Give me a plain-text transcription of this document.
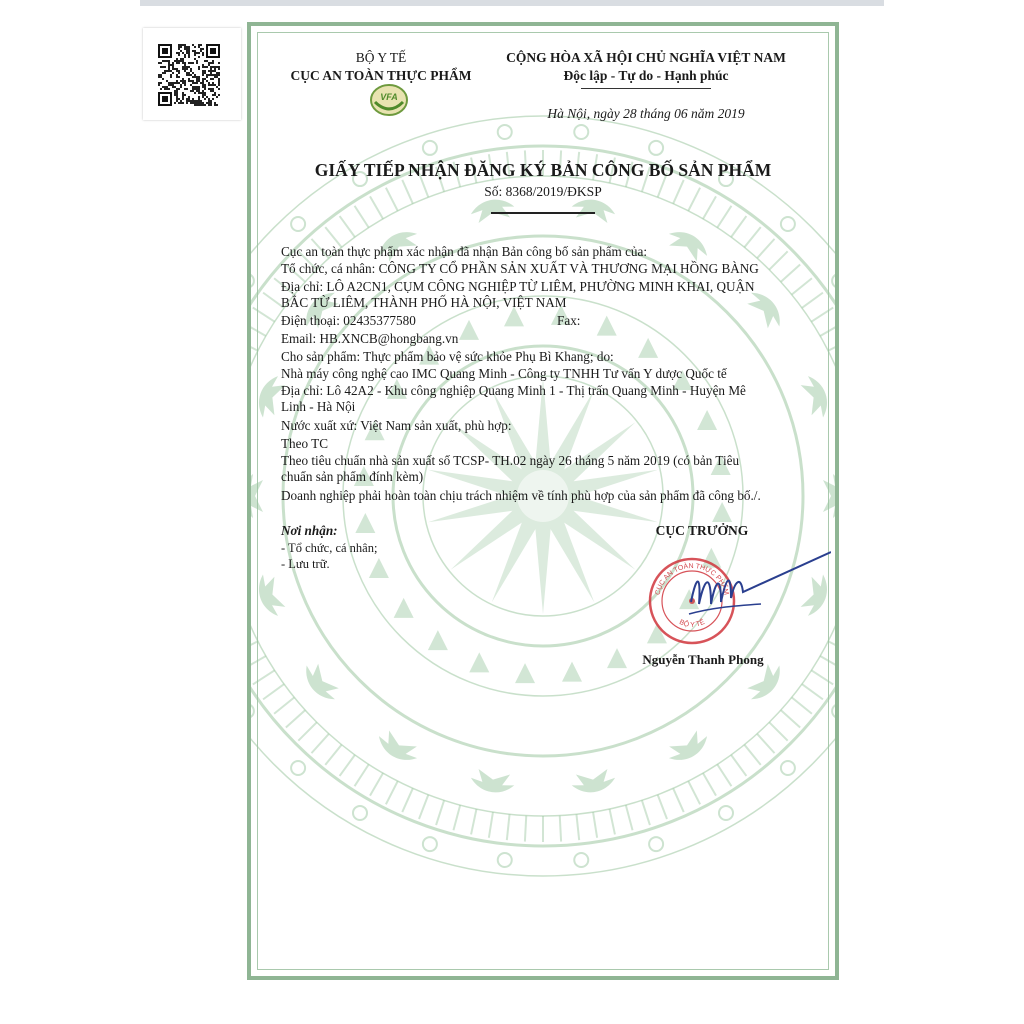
BỘ Y TẾ
CỤC AN TOÀN THỰC PHẨM
VFA
CỘNG HÒA XÃ HỘI CHỦ NGHĨA VIỆT NAM
Độc lập - Tự do - Hạnh phúc
Hà Nội, ngày 28 tháng 06 năm 2019
GIẤY TIẾP NHẬN ĐĂNG KÝ BẢN CÔNG BỐ SẢN PHẨM
Số: 8368/2019/ĐKSP
Cục an toàn thực phẩm xác nhận đã nhận Bản công bố sản phẩm của:
Tổ chức, cá nhân: CÔNG TY CỔ PHẦN SẢN XUẤT VÀ THƯƠNG MẠI HỒNG BÀNG
Địa chỉ: LÔ A2CN1, CỤM CÔNG NGHIỆP TỪ LIÊM, PHƯỜNG MINH KHAI, QUẬN
BẮC TỪ LIÊM, THÀNH PHỐ HÀ NỘI, VIỆT NAM
Điện thoại: 02435377580	Fax:
Email: HB.XNCB@hongbang.vn
Cho sản phẩm: Thực phẩm bảo vệ sức khỏe Phụ Bì Khang; do:
Nhà máy công nghệ cao IMC Quang Minh - Công ty TNHH Tư vấn Y dược Quốc tế
Địa chỉ: Lô 42A2 - Khu công nghiệp Quang Minh 1 - Thị trấn Quang Minh - Huyện Mê
Linh - Hà Nội
Nước xuất xứ: Việt Nam sản xuất, phù hợp:
Theo TC
Theo tiêu chuẩn nhà sản xuất số TCSP- TH.02 ngày 26 tháng 5 năm 2019 (có bản Tiêu
chuẩn sản phẩm đính kèm)
Doanh nghiệp phải hoàn toàn chịu trách nhiệm về tính phù hợp của sản phẩm đã công bố./.
Nơi nhận:
- Tổ chức, cá nhân;
- Lưu trữ.
CỤC TRƯỞNG
CỤC AN TOÀN THỰC PHẨM
BỘ Y TẾ
Nguyễn Thanh Phong
